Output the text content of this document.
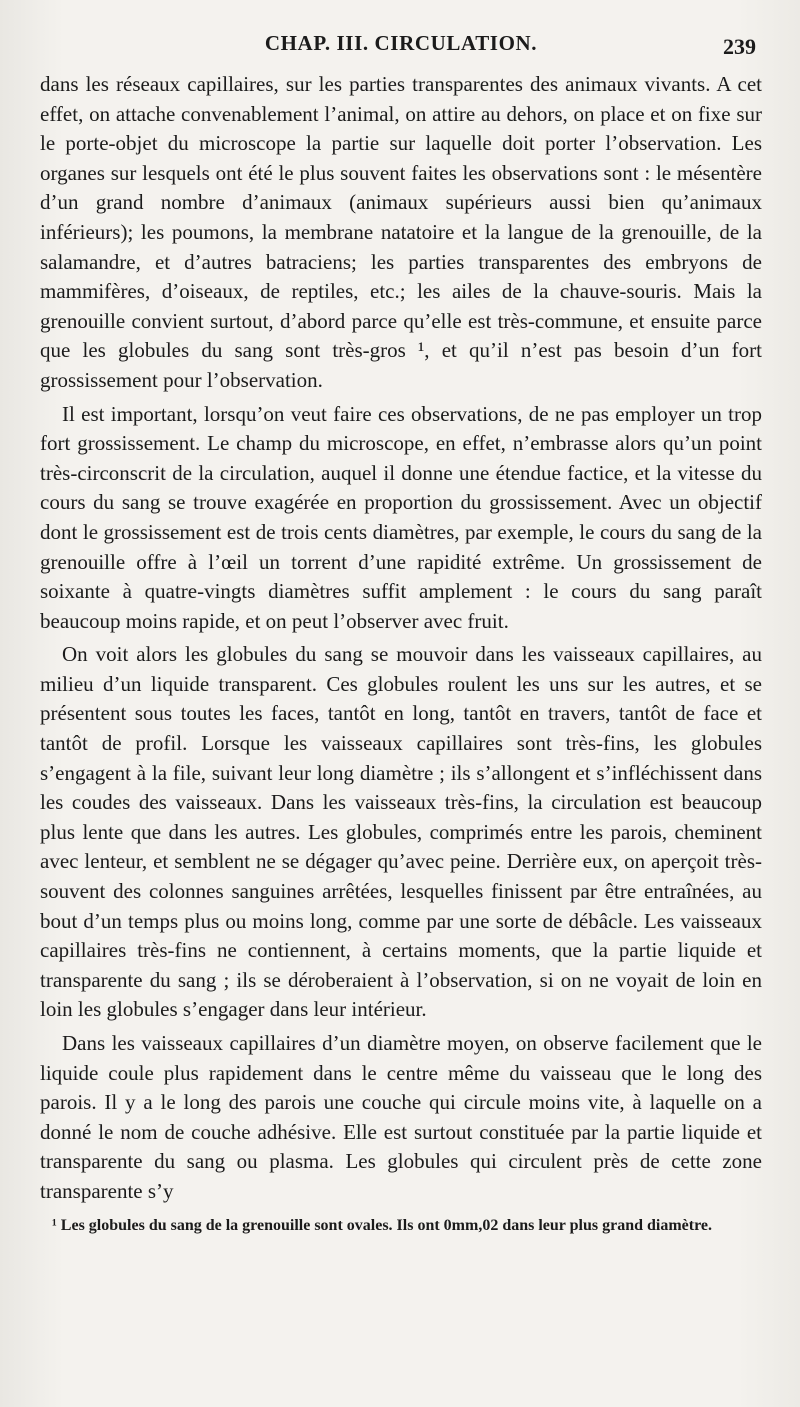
CHAP. III. CIRCULATION.	239

dans les réseaux capillaires, sur les parties transparentes des animaux vivants. A cet effet, on attache convenablement l’animal, on attire au dehors, on place et on fixe sur le porte-objet du microscope la partie sur laquelle doit porter l’observation. Les organes sur lesquels ont été le plus souvent faites les observations sont : le mésentère d’un grand nombre d’animaux (animaux supérieurs aussi bien qu’animaux inférieurs); les poumons, la membrane natatoire et la langue de la grenouille, de la salamandre, et d’autres batraciens; les parties transparentes des embryons de mammifères, d’oiseaux, de reptiles, etc.; les ailes de la chauve-souris. Mais la grenouille convient surtout, d’abord parce qu’elle est très-commune, et ensuite parce que les globules du sang sont très-gros ¹, et qu’il n’est pas besoin d’un fort grossissement pour l’observation.

Il est important, lorsqu’on veut faire ces observations, de ne pas employer un trop fort grossissement. Le champ du microscope, en effet, n’embrasse alors qu’un point très-circonscrit de la circulation, auquel il donne une étendue factice, et la vitesse du cours du sang se trouve exagérée en proportion du grossissement. Avec un objectif dont le grossissement est de trois cents diamètres, par exemple, le cours du sang de la grenouille offre à l’œil un torrent d’une rapidité extrême. Un grossissement de soixante à quatre-vingts diamètres suffit amplement : le cours du sang paraît beaucoup moins rapide, et on peut l’observer avec fruit.

On voit alors les globules du sang se mouvoir dans les vaisseaux capillaires, au milieu d’un liquide transparent. Ces globules roulent les uns sur les autres, et se présentent sous toutes les faces, tantôt en long, tantôt en travers, tantôt de face et tantôt de profil. Lorsque les vaisseaux capillaires sont très-fins, les globules s’engagent à la file, suivant leur long diamètre ; ils s’allongent et s’infléchissent dans les coudes des vaisseaux. Dans les vaisseaux très-fins, la circulation est beaucoup plus lente que dans les autres. Les globules, comprimés entre les parois, cheminent avec lenteur, et semblent ne se dégager qu’avec peine. Derrière eux, on aperçoit très-souvent des colonnes sanguines arrêtées, lesquelles finissent par être entraînées, au bout d’un temps plus ou moins long, comme par une sorte de débâcle. Les vaisseaux capillaires très-fins ne contiennent, à certains moments, que la partie liquide et transparente du sang ; ils se déroberaient à l’observation, si on ne voyait de loin en loin les globules s’engager dans leur intérieur.

Dans les vaisseaux capillaires d’un diamètre moyen, on observe facilement que le liquide coule plus rapidement dans le centre même du vaisseau que le long des parois. Il y a le long des parois une couche qui circule moins vite, à laquelle on a donné le nom de couche adhésive. Elle est surtout constituée par la partie liquide et transparente du sang ou plasma. Les globules qui circulent près de cette zone transparente s’y

¹ Les globules du sang de la grenouille sont ovales. Ils ont 0mm,02 dans leur plus grand diamètre.
